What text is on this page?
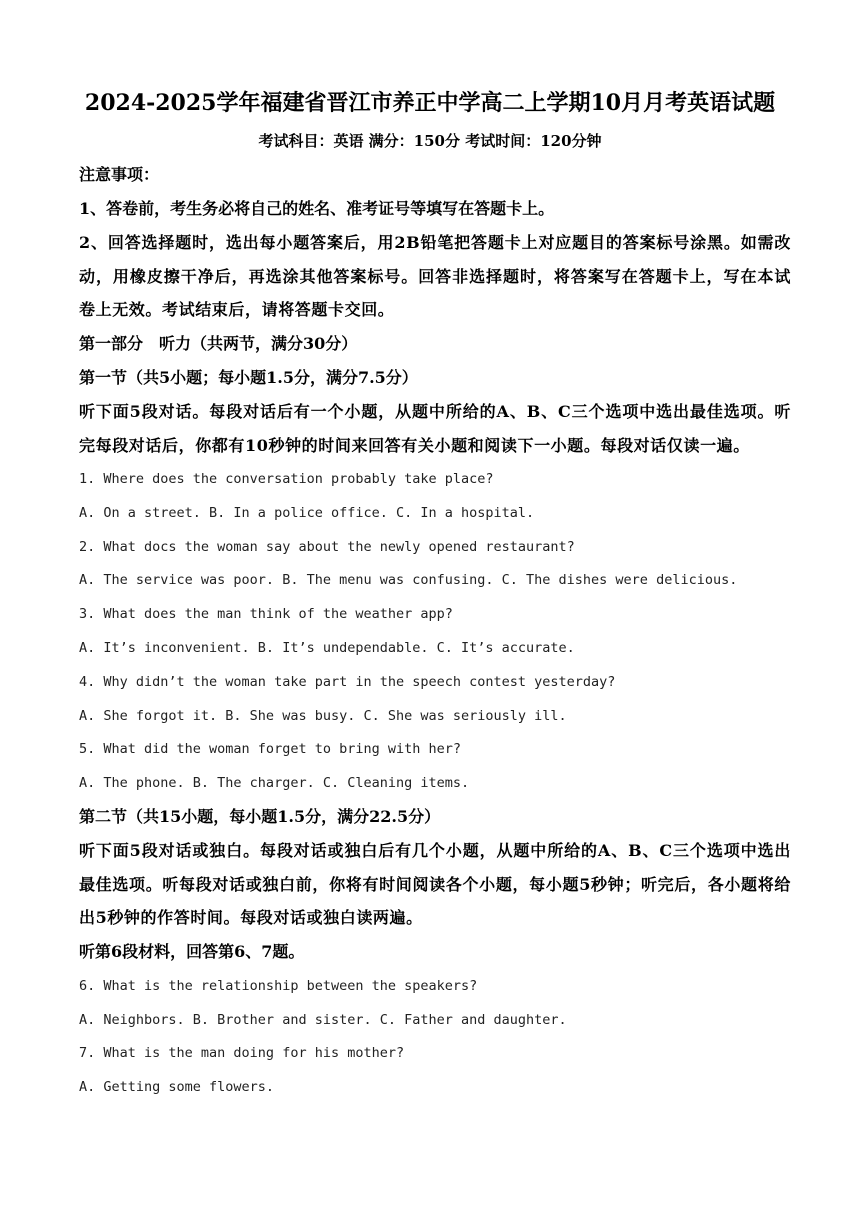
2024-2025学年福建省晋江市养正中学高二上学期10月月考英语试题
考试科目：英语 满分：150分 考试时间：120分钟
注意事项：
1、答卷前，考生务必将自己的姓名、准考证号等填写在答题卡上。
2、回答选择题时，选出每小题答案后，用2B铅笔把答题卡上对应题目的答案标号涂黑。如需改动，用橡皮擦干净后，再选涂其他答案标号。回答非选择题时，将答案写在答题卡上，写在本试卷上无效。考试结束后，请将答题卡交回。
第一部分　听力（共两节，满分30分）
第一节（共5小题；每小题1.5分，满分7.5分）
听下面5段对话。每段对话后有一个小题，从题中所给的A、B、C三个选项中选出最佳选项。听完每段对话后，你都有10秒钟的时间来回答有关小题和阅读下一小题。每段对话仅读一遍。
1. Where does the conversation probably take place?
A. On a street. B. In a police office. C. In a hospital.
2. What docs the woman say about the newly opened restaurant?
A. The service was poor. B. The menu was confusing. C. The dishes were delicious.
3. What does the man think of the weather app?
A. It’s inconvenient. B. It’s undependable. C. It’s accurate.
4. Why didn’t the woman take part in the speech contest yesterday?
A. She forgot it. B. She was busy. C. She was seriously ill.
5. What did the woman forget to bring with her?
A. The phone. B. The charger. C. Cleaning items.
第二节（共15小题，每小题1.5分，满分22.5分）
听下面5段对话或独白。每段对话或独白后有几个小题，从题中所给的A、B、C三个选项中选出最佳选项。听每段对话或独白前，你将有时间阅读各个小题，每小题5秒钟；听完后，各小题将给出5秒钟的作答时间。每段对话或独白读两遍。
听第6段材料，回答第6、7题。
6. What is the relationship between the speakers?
A. Neighbors. B. Brother and sister. C. Father and daughter.
7. What is the man doing for his mother?
A. Getting some flowers.
